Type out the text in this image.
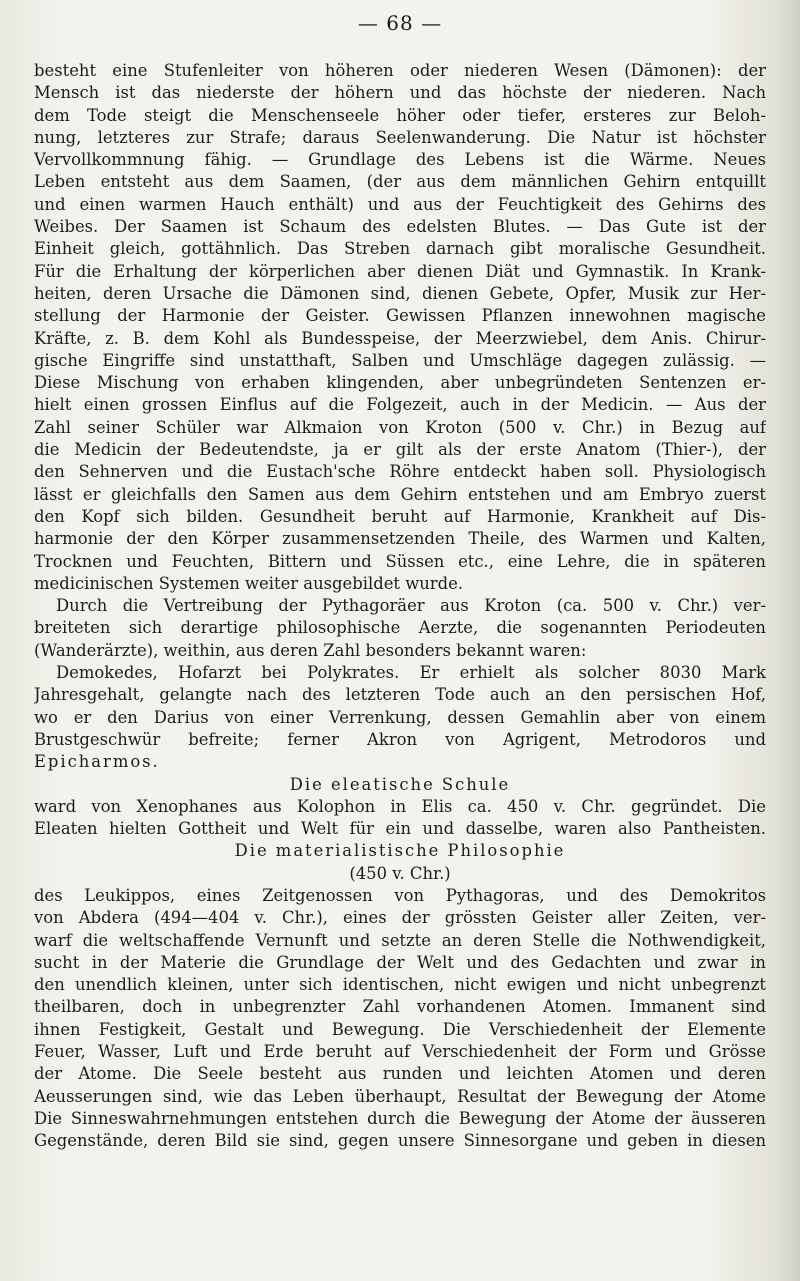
— 68 —
besteht eine Stufenleiter von höheren oder niederen Wesen (Dämonen): der
Mensch ist das niederste der höhern und das höchste der niederen. Nach
dem Tode steigt die Menschenseele höher oder tiefer, ersteres zur Beloh-
nung, letzteres zur Strafe; daraus Seelenwanderung. Die Natur ist höchster
Vervollkommnung fähig. — Grundlage des Lebens ist die Wärme. Neues
Leben entsteht aus dem Saamen, (der aus dem männlichen Gehirn entquillt
und einen warmen Hauch enthält) und aus der Feuchtigkeit des Gehirns des
Weibes. Der Saamen ist Schaum des edelsten Blutes. — Das Gute ist der
Einheit gleich, gottähnlich. Das Streben darnach gibt moralische Gesundheit.
Für die Erhaltung der körperlichen aber dienen Diät und Gymnastik. In Krank-
heiten, deren Ursache die Dämonen sind, dienen Gebete, Opfer, Musik zur Her-
stellung der Harmonie der Geister. Gewissen Pflanzen innewohnen magische
Kräfte, z. B. dem Kohl als Bundesspeise, der Meerzwiebel, dem Anis. Chirur-
gische Eingriffe sind unstatthaft, Salben und Umschläge dagegen zulässig. —
Diese Mischung von erhaben klingenden, aber unbegründeten Sentenzen er-
hielt einen grossen Einflus auf die Folgezeit, auch in der Medicin. — Aus der
Zahl seiner Schüler war Alkmaion von Kroton (500 v. Chr.) in Bezug auf
die Medicin der Bedeutendste, ja er gilt als der erste Anatom (Thier-), der
den Sehnerven und die Eustach'sche Röhre entdeckt haben soll. Physiologisch
lässt er gleichfalls den Samen aus dem Gehirn entstehen und am Embryo zuerst
den Kopf sich bilden. Gesundheit beruht auf Harmonie, Krankheit auf Dis-
harmonie der den Körper zusammensetzenden Theile, des Warmen und Kalten,
Trocknen und Feuchten, Bittern und Süssen etc., eine Lehre, die in späteren
medicinischen Systemen weiter ausgebildet wurde.
Durch die Vertreibung der Pythagoräer aus Kroton (ca. 500 v. Chr.) ver-
breiteten sich derartige philosophische Aerzte, die sogenannten Periodeuten
(Wanderärzte), weithin, aus deren Zahl besonders bekannt waren:
Demokedes, Hofarzt bei Polykrates. Er erhielt als solcher 8030 Mark
Jahresgehalt, gelangte nach des letzteren Tode auch an den persischen Hof,
wo er den Darius von einer Verrenkung, dessen Gemahlin aber von einem
Brustgeschwür befreite; ferner Akron von Agrigent, Metrodoros und
Epicharmos.
Die eleatische Schule
ward von Xenophanes aus Kolophon in Elis ca. 450 v. Chr. gegründet. Die
Eleaten hielten Gottheit und Welt für ein und dasselbe, waren also Pantheisten.
Die materialistische Philosophie
(450 v. Chr.)
des Leukippos, eines Zeitgenossen von Pythagoras, und des Demokritos
von Abdera (494—404 v. Chr.), eines der grössten Geister aller Zeiten, ver-
warf die weltschaffende Vernunft und setzte an deren Stelle die Nothwendigkeit,
sucht in der Materie die Grundlage der Welt und des Gedachten und zwar in
den unendlich kleinen, unter sich identischen, nicht ewigen und nicht unbegrenzt
theilbaren, doch in unbegrenzter Zahl vorhandenen Atomen. Immanent sind
ihnen Festigkeit, Gestalt und Bewegung. Die Verschiedenheit der Elemente
Feuer, Wasser, Luft und Erde beruht auf Verschiedenheit der Form und Grösse
der Atome. Die Seele besteht aus runden und leichten Atomen und deren
Aeusserungen sind, wie das Leben überhaupt, Resultat der Bewegung der Atome
Die Sinneswahrnehmungen entstehen durch die Bewegung der Atome der äusseren
Gegenstände, deren Bild sie sind, gegen unsere Sinnesorgane und geben in diesen
